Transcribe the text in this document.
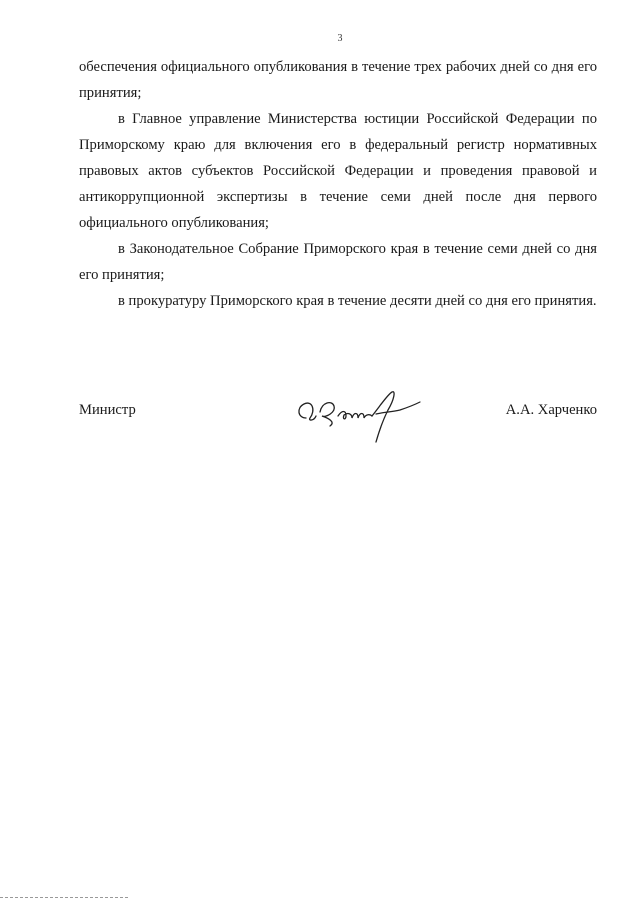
3

обеспечения официального опубликования в течение трех рабочих дней со дня его принятия;

в Главное управление Министерства юстиции Российской Федерации по Приморскому краю для включения его в федеральный регистр нормативных правовых актов субъектов Российской Федерации и проведения правовой и антикоррупционной экспертизы в течение семи дней после дня первого официального опубликования;

в Законодательное Собрание Приморского края в течение семи дней со дня его принятия;

в прокуратуру Приморского края в течение десяти дней со дня его принятия.

Министр	А.А. Харченко
